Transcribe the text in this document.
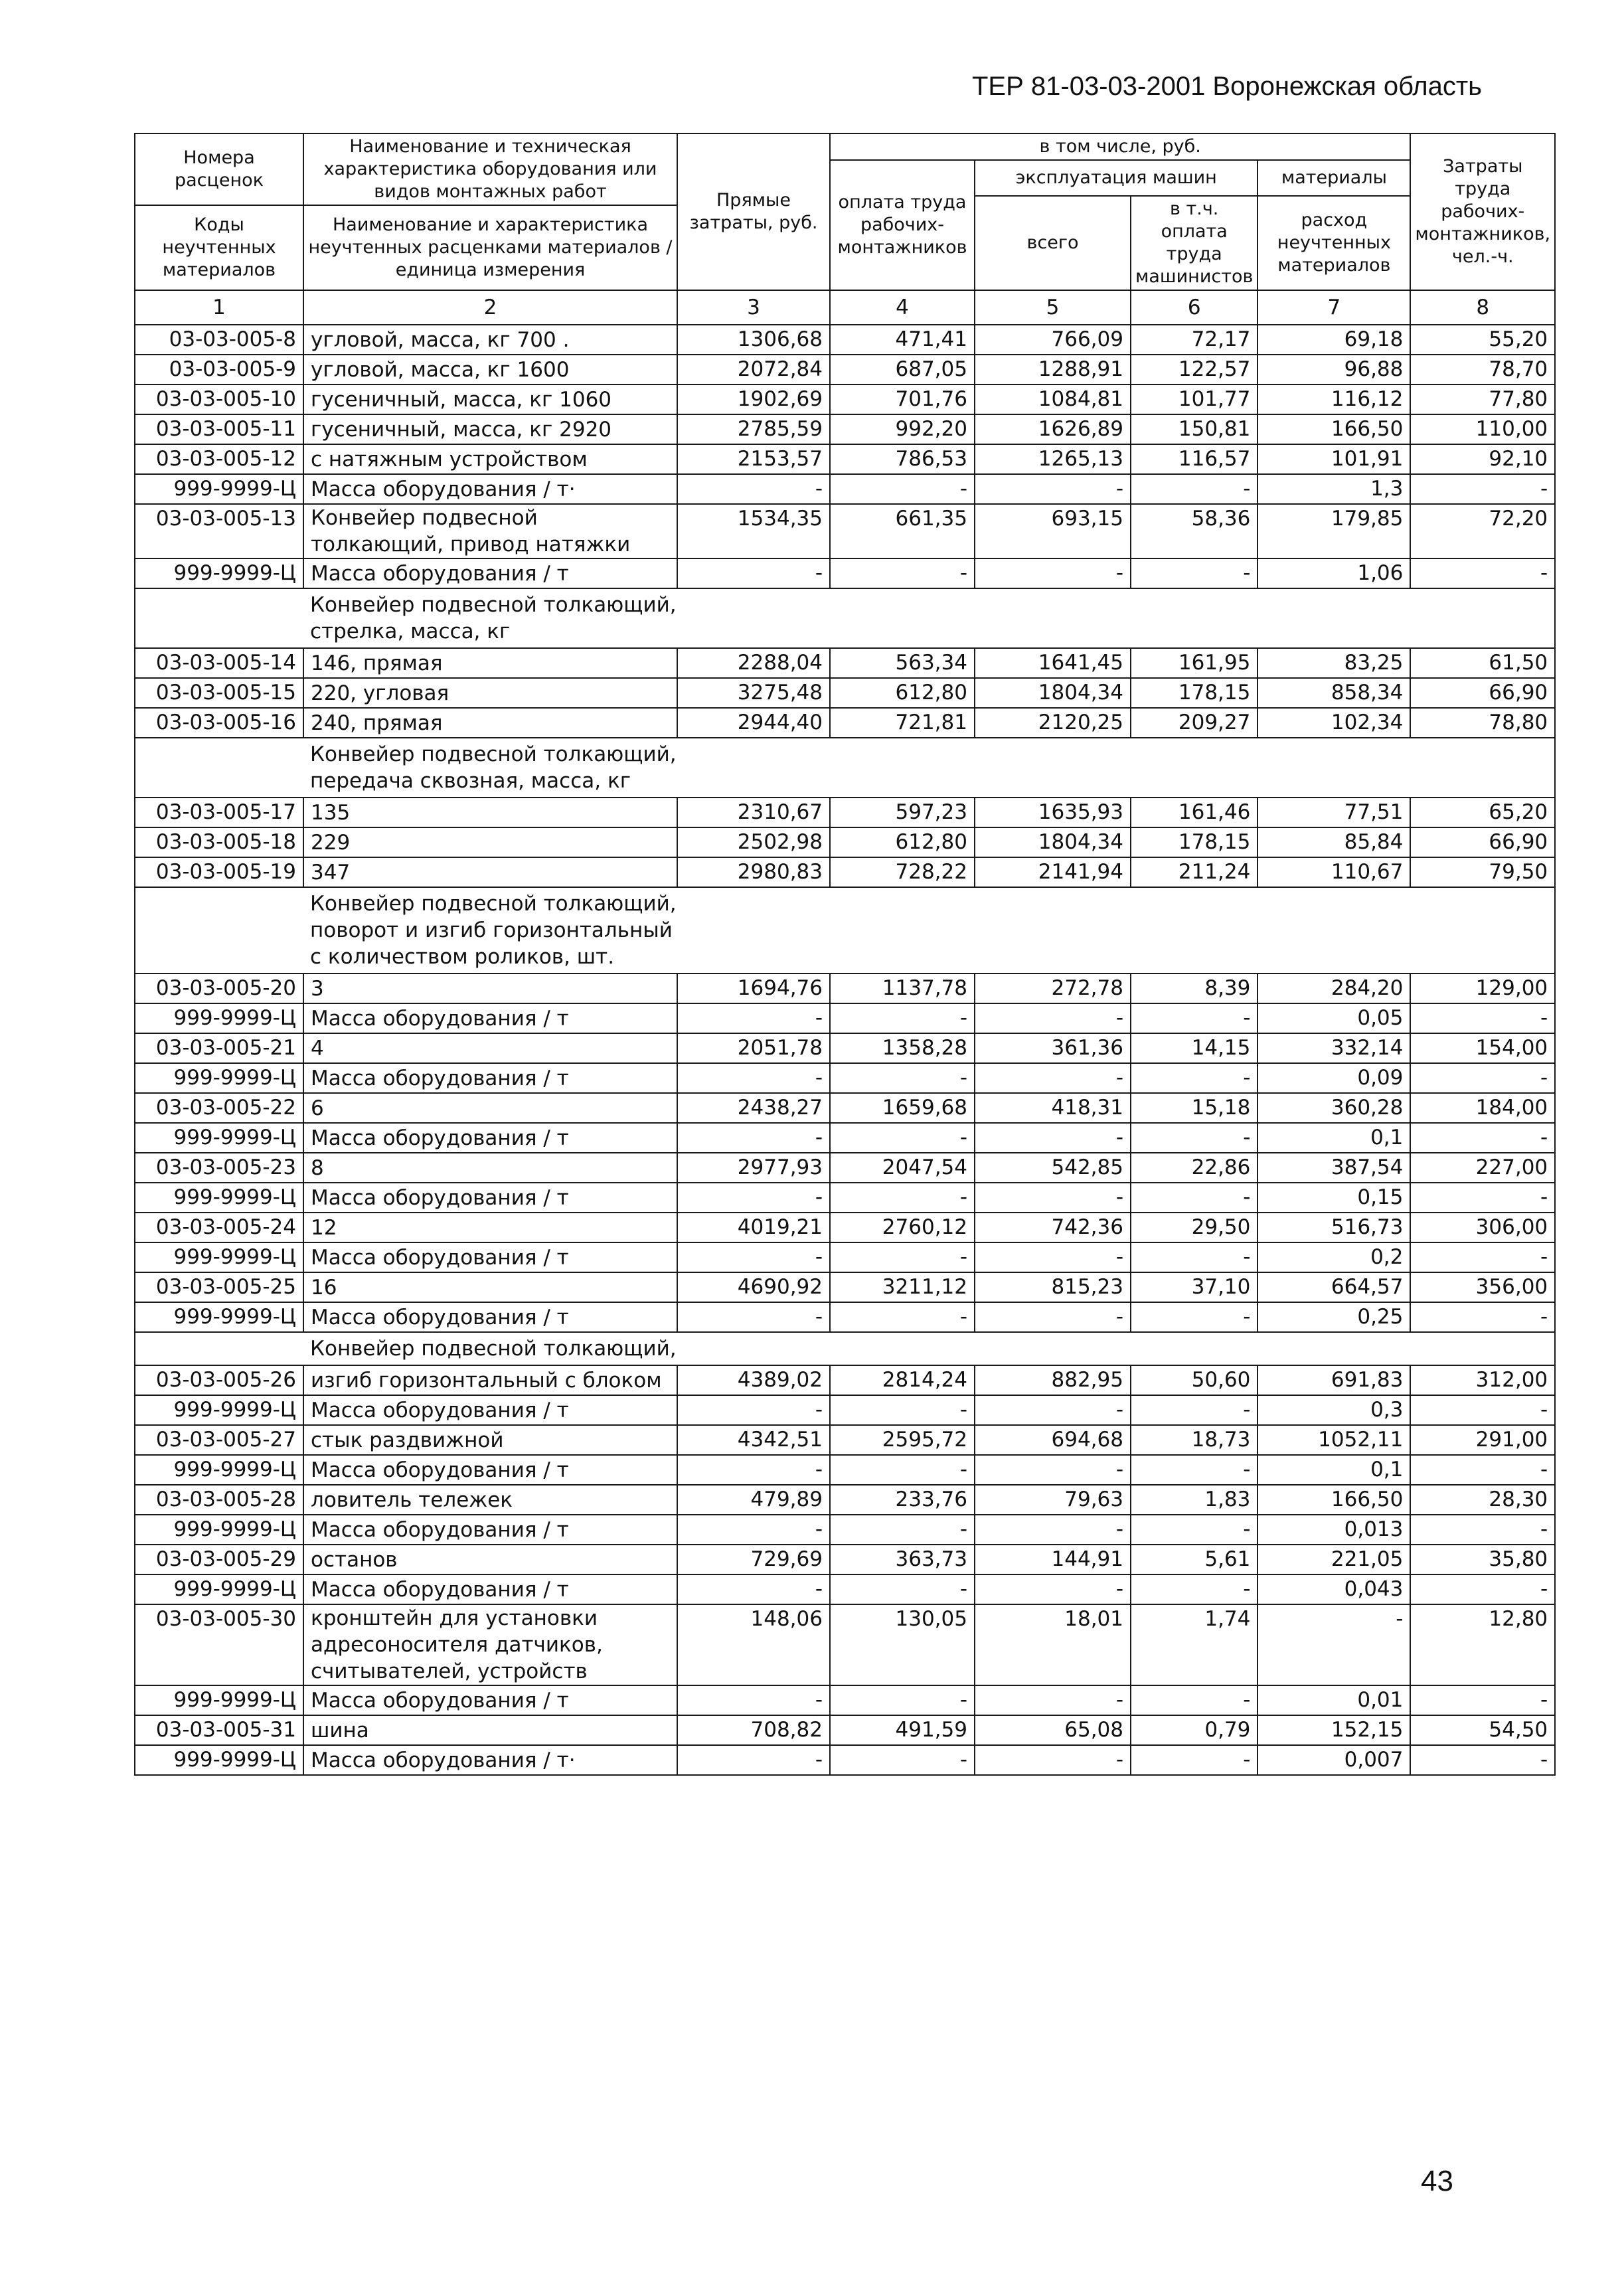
ТЕР 81-03-03-2001 Воронежская область
Номера расценок	Наименование и техническая характеристика оборудования или видов монтажных работ	Прямые затраты, руб.	в том числе, руб.				Затраты труда рабочих-монтажников, чел.-ч.
			оплата труда рабочих-монтажников	эксплуатация машин		материалы	
				всего	в т.ч. оплата труда машинистов	расход неучтенных материалов	
Коды неучтенных материалов	Наименование и характеристика неучтенных расценками материалов / единица измерения						

1	2	3	4	5	6	7	8
03-03-005-8	угловой, масса, кг 700 .	1306,68	471,41	766,09	72,17	69,18	55,20
03-03-005-9	угловой, масса, кг 1600	2072,84	687,05	1288,91	122,57	96,88	78,70
03-03-005-10	гусеничный, масса, кг 1060	1902,69	701,76	1084,81	101,77	116,12	77,80
03-03-005-11	гусеничный, масса, кг 2920	2785,59	992,20	1626,89	150,81	166,50	110,00
03-03-005-12	с натяжным устройством	2153,57	786,53	1265,13	116,57	101,91	92,10
999-9999-Ц	Масса оборудования / т·	-	-	-	-	1,3	-
03-03-005-13	Конвейер подвесной толкающий, привод натяжки	1534,35	661,35	693,15	58,36	179,85	72,20
999-9999-Ц	Масса оборудования / т	-	-	-	-	1,06	-
	Конвейер подвесной толкающий, стрелка, масса, кг						
03-03-005-14	146, прямая	2288,04	563,34	1641,45	161,95	83,25	61,50
03-03-005-15	220, угловая	3275,48	612,80	1804,34	178,15	858,34	66,90
03-03-005-16	240, прямая	2944,40	721,81	2120,25	209,27	102,34	78,80
	Конвейер подвесной толкающий, передача сквозная, масса, кг						
03-03-005-17	135	2310,67	597,23	1635,93	161,46	77,51	65,20
03-03-005-18	229	2502,98	612,80	1804,34	178,15	85,84	66,90
03-03-005-19	347	2980,83	728,22	2141,94	211,24	110,67	79,50
	Конвейер подвесной толкающий, поворот и изгиб горизонтальный с количеством роликов, шт.						
03-03-005-20	3	1694,76	1137,78	272,78	8,39	284,20	129,00
999-9999-Ц	Масса оборудования / т	-	-	-	-	0,05	-
03-03-005-21	4	2051,78	1358,28	361,36	14,15	332,14	154,00
999-9999-Ц	Масса оборудования / т	-	-	-	-	0,09	-
03-03-005-22	6	2438,27	1659,68	418,31	15,18	360,28	184,00
999-9999-Ц	Масса оборудования / т	-	-	-	-	0,1	-
03-03-005-23	8	2977,93	2047,54	542,85	22,86	387,54	227,00
999-9999-Ц	Масса оборудования / т	-	-	-	-	0,15	-
03-03-005-24	12	4019,21	2760,12	742,36	29,50	516,73	306,00
999-9999-Ц	Масса оборудования / т	-	-	-	-	0,2	-
03-03-005-25	16	4690,92	3211,12	815,23	37,10	664,57	356,00
999-9999-Ц	Масса оборудования / т	-	-	-	-	0,25	-
	Конвейер подвесной толкающий,						
03-03-005-26	изгиб горизонтальный с блоком	4389,02	2814,24	882,95	50,60	691,83	312,00
999-9999-Ц	Масса оборудования / т	-	-	-	-	0,3	-
03-03-005-27	стык раздвижной	4342,51	2595,72	694,68	18,73	1052,11	291,00
999-9999-Ц	Масса оборудования / т	-	-	-	-	0,1	-
03-03-005-28	ловитель тележек	479,89	233,76	79,63	1,83	166,50	28,30
999-9999-Ц	Масса оборудования / т	-	-	-	-	0,013	-
03-03-005-29	останов	729,69	363,73	144,91	5,61	221,05	35,80
999-9999-Ц	Масса оборудования / т	-	-	-	-	0,043	-
03-03-005-30	кронштейн для установки адресоносителя датчиков, считывателей, устройств	148,06	130,05	18,01	1,74	-	12,80
999-9999-Ц	Масса оборудования / т	-	-	-	-	0,01	-
03-03-005-31	шина	708,82	491,59	65,08	0,79	152,15	54,50
999-9999-Ц	Масса оборудования / т·	-	-	-	-	0,007	-
43
